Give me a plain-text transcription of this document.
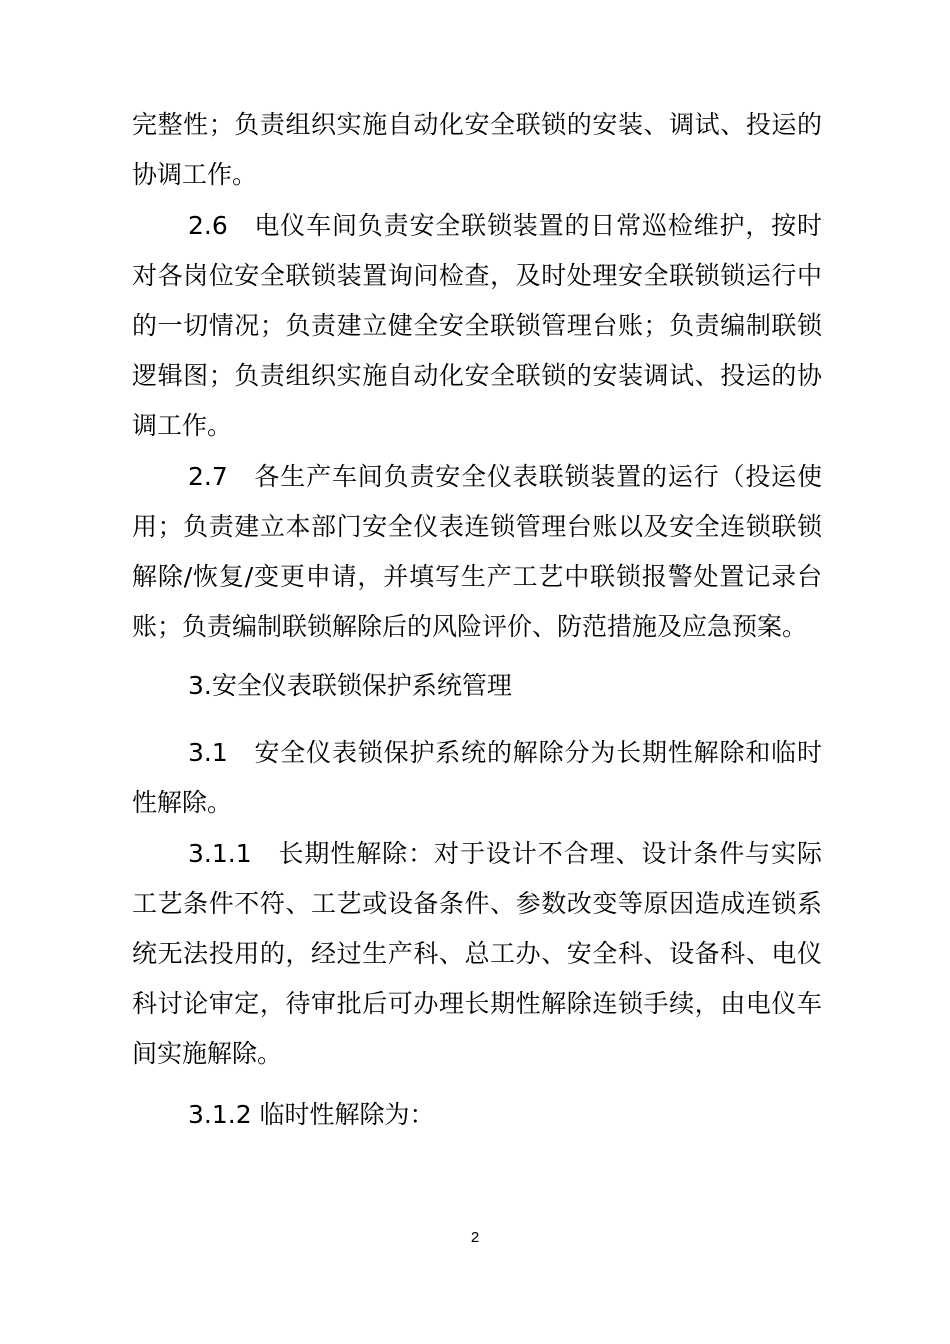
完整性；负责组织实施自动化安全联锁的安装、调试、投运的协调工作。

2.6　电仪车间负责安全联锁装置的日常巡检维护，按时对各岗位安全联锁装置询问检查，及时处理安全联锁锁运行中的一切情况；负责建立健全安全联锁管理台账；负责编制联锁逻辑图；负责组织实施自动化安全联锁的安装调试、投运的协调工作。

2.7　各生产车间负责安全仪表联锁装置的运行（投运使用；负责建立本部门安全仪表连锁管理台账以及安全连锁联锁解除/恢复/变更申请，并填写生产工艺中联锁报警处置记录台账；负责编制联锁解除后的风险评价、防范措施及应急预案。

3.安全仪表联锁保护系统管理

3.1　安全仪表锁保护系统的解除分为长期性解除和临时性解除。

3.1.1　长期性解除：对于设计不合理、设计条件与实际工艺条件不符、工艺或设备条件、参数改变等原因造成连锁系统无法投用的，经过生产科、总工办、安全科、设备科、电仪科讨论审定，待审批后可办理长期性解除连锁手续，由电仪车间实施解除。

3.1.2 临时性解除为：

2
